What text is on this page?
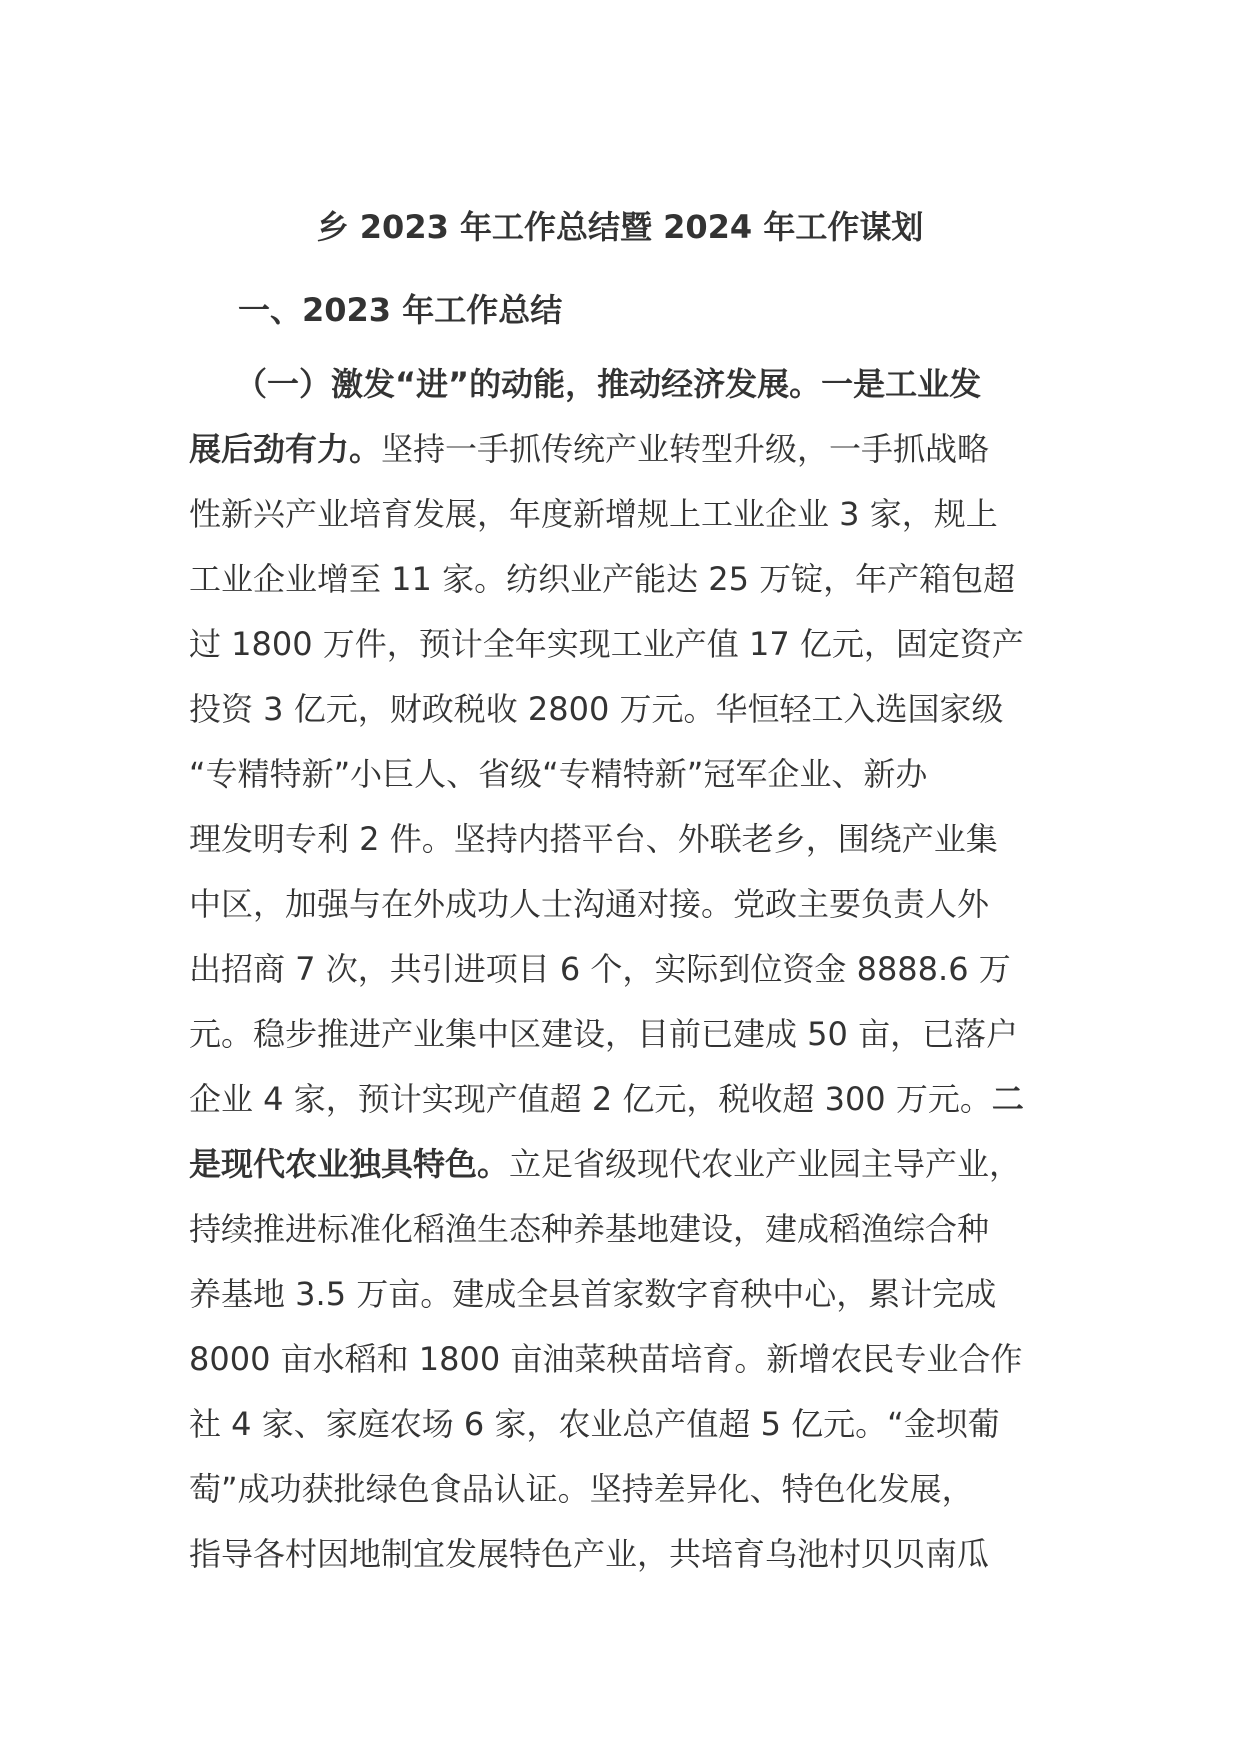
乡 2023 年工作总结暨 2024 年工作谋划
一、2023 年工作总结
（一）激发“进”的动能，推动经济发展。一是工业发
展后劲有力。坚持一手抓传统产业转型升级，一手抓战略
性新兴产业培育发展，年度新增规上工业企业 3 家，规上
工业企业增至 11 家。纺织业产能达 25 万锭，年产箱包超
过 1800 万件，预计全年实现工业产值 17 亿元，固定资产
投资 3 亿元，财政税收 2800 万元。华恒轻工入选国家级
“专精特新”小巨人、省级“专精特新”冠军企业、新办
理发明专利 2 件。坚持内搭平台、外联老乡，围绕产业集
中区，加强与在外成功人士沟通对接。党政主要负责人外
出招商 7 次，共引进项目 6 个，实际到位资金 8888.6 万
元。稳步推进产业集中区建设，目前已建成 50 亩，已落户
企业 4 家，预计实现产值超 2 亿元，税收超 300 万元。二
是现代农业独具特色。立足省级现代农业产业园主导产业，
持续推进标准化稻渔生态种养基地建设，建成稻渔综合种
养基地 3.5 万亩。建成全县首家数字育秧中心，累计完成
8000 亩水稻和 1800 亩油菜秧苗培育。新增农民专业合作
社 4 家、家庭农场 6 家，农业总产值超 5 亿元。“金坝葡
萄”成功获批绿色食品认证。坚持差异化、特色化发展，
指导各村因地制宜发展特色产业，共培育乌池村贝贝南瓜
